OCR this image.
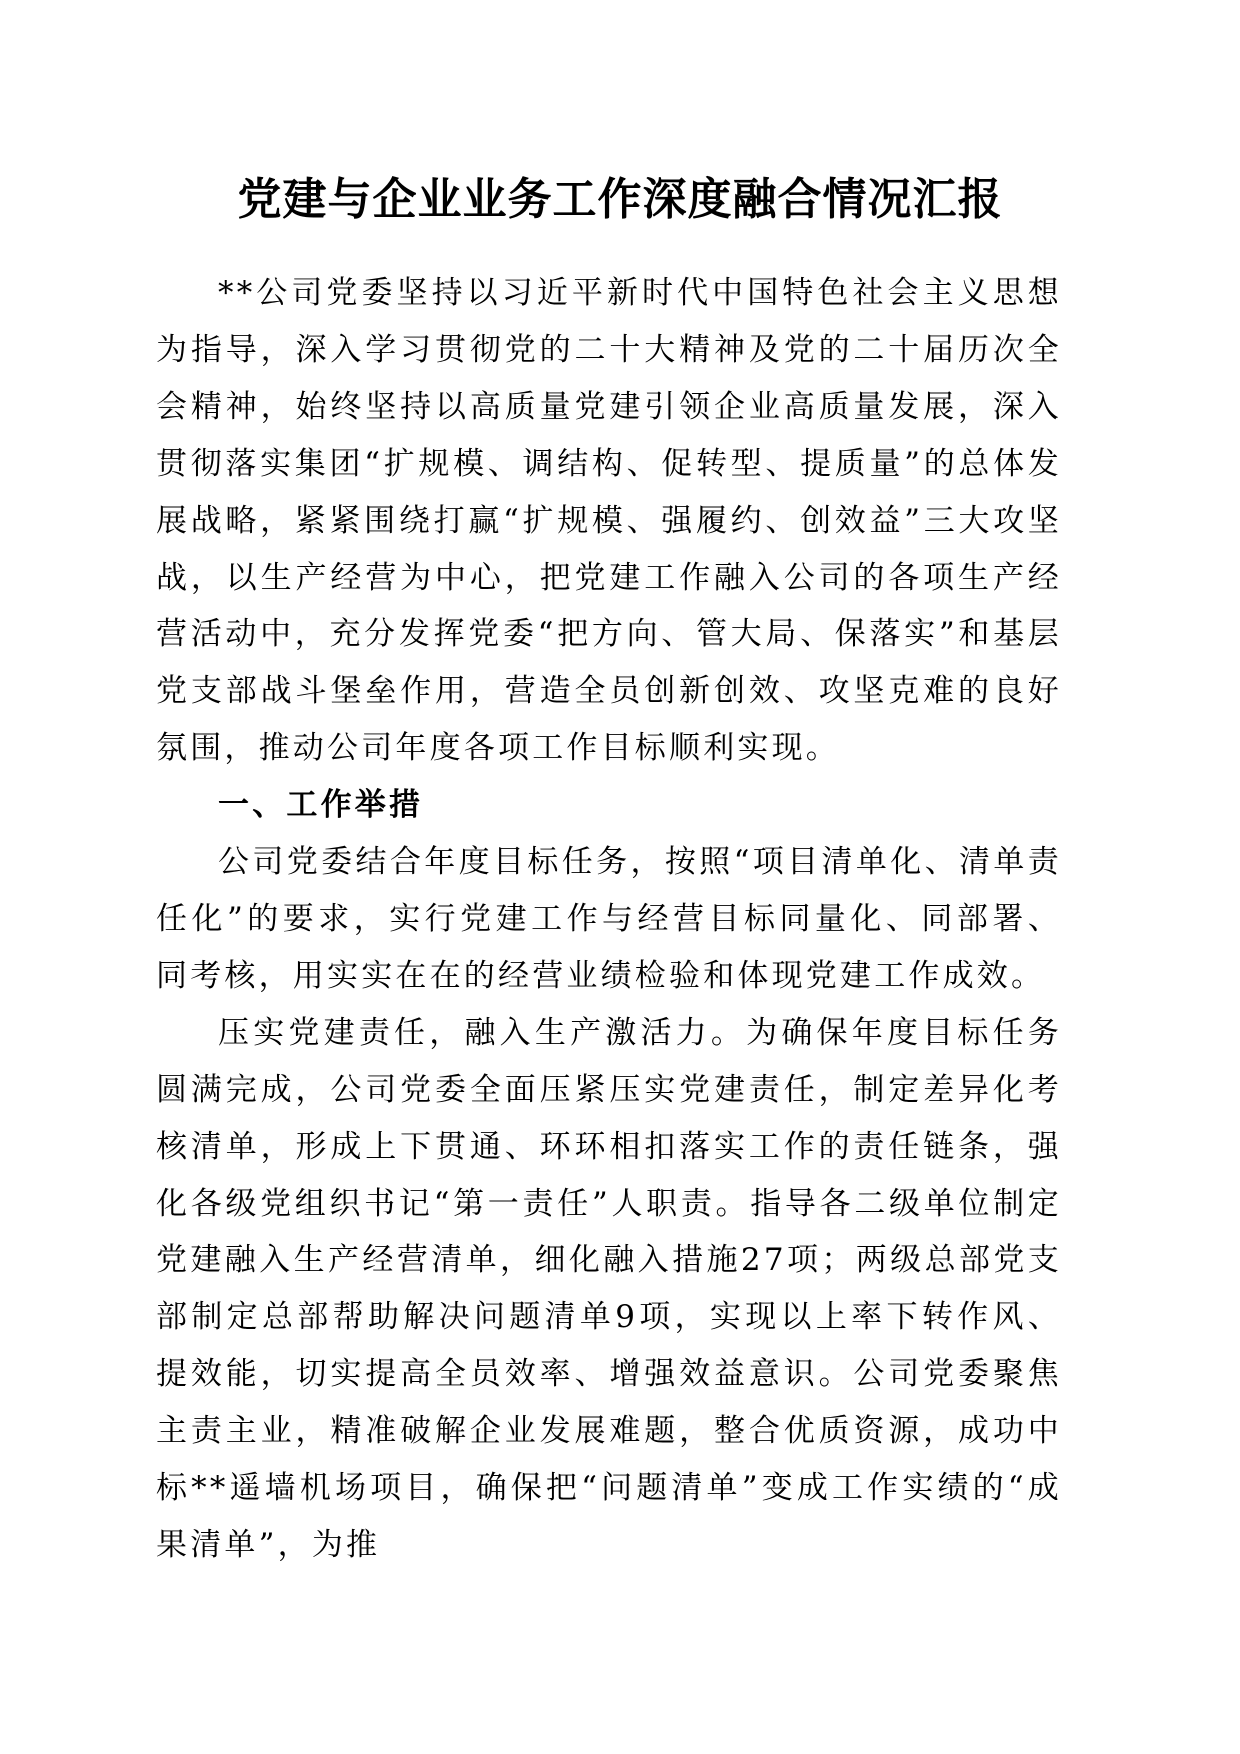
党建与企业业务工作深度融合情况汇报

**公司党委坚持以习近平新时代中国特色社会主义思想为指导，深入学习贯彻党的二十大精神及党的二十届历次全会精神，始终坚持以高质量党建引领企业高质量发展，深入贯彻落实集团“扩规模、调结构、促转型、提质量”的总体发展战略，紧紧围绕打赢“扩规模、强履约、创效益”三大攻坚战，以生产经营为中心，把党建工作融入公司的各项生产经营活动中，充分发挥党委“把方向、管大局、保落实”和基层党支部战斗堡垒作用，营造全员创新创效、攻坚克难的良好氛围，推动公司年度各项工作目标顺利实现。

一、工作举措

公司党委结合年度目标任务，按照“项目清单化、清单责任化”的要求，实行党建工作与经营目标同量化、同部署、同考核，用实实在在的经营业绩检验和体现党建工作成效。

压实党建责任，融入生产激活力。为确保年度目标任务圆满完成，公司党委全面压紧压实党建责任，制定差异化考核清单，形成上下贯通、环环相扣落实工作的责任链条，强化各级党组织书记“第一责任”人职责。指导各二级单位制定党建融入生产经营清单，细化融入措施27项；两级总部党支部制定总部帮助解决问题清单9项，实现以上率下转作风、提效能，切实提高全员效率、增强效益意识。公司党委聚焦主责主业，精准破解企业发展难题，整合优质资源，成功中标**遥墙机场项目，确保把“问题清单”变成工作实绩的“成果清单”，为推
